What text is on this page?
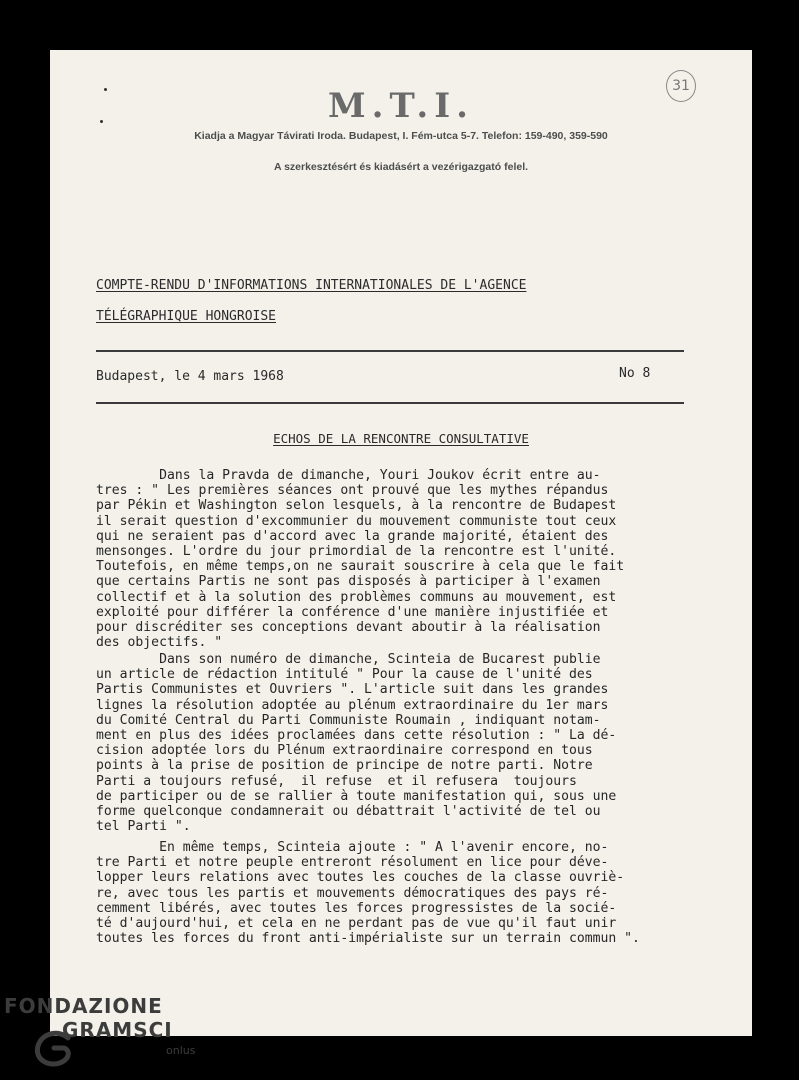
M.T.I.	31
Kiadja a Magyar Távirati Iroda. Budapest, I. Fém-utca 5-7. Telefon: 159-490, 359-590
A szerkesztésért és kiadásért a vezérigazgató felel.
COMPTE-RENDU D'INFORMATIONS INTERNATIONALES DE L'AGENCE
TÉLÉGRAPHIQUE HONGROISE
Budapest, le 4 mars 1968	No 8
ECHOS DE LA RENCONTRE CONSULTATIVE
Dans la Pravda de dimanche, Youri Joukov écrit entre au-
tres : " Les premières séances ont prouvé que les mythes répandus
par Pékin et Washington selon lesquels, à la rencontre de Budapest
il serait question d'excommunier du mouvement communiste tout ceux
qui ne seraient pas d'accord avec la grande majorité, étaient des
mensonges. L'ordre du jour primordial de la rencontre est l'unité.
Toutefois, en même temps,on ne saurait souscrire à cela que le fait
que certains Partis ne sont pas disposés à participer à l'examen
collectif et à la solution des problèmes communs au mouvement, est
exploité pour différer la conférence d'une manière injustifiée et
pour discréditer ses conceptions devant aboutir à la réalisation
des objectifs. "
Dans son numéro de dimanche, Scinteia de Bucarest publie
un article de rédaction intitulé " Pour la cause de l'unité des
Partis Communistes et Ouvriers ". L'article suit dans les grandes
lignes la résolution adoptée au plénum extraordinaire du 1er mars
du Comité Central du Parti Communiste Roumain , indiquant notam-
ment en plus des idées proclamées dans cette résolution : " La dé-
cision adoptée lors du Plénum extraordinaire correspond en tous
points à la prise de position de principe de notre parti. Notre
Parti a toujours refusé,  il refuse  et il refusera  toujours
de participer ou de se rallier à toute manifestation qui, sous une
forme quelconque condamnerait ou débattrait l'activité de tel ou
tel Parti ".
En même temps, Scinteia ajoute : " A l'avenir encore, no-
tre Parti et notre peuple entreront résolument en lice pour déve-
lopper leurs relations avec toutes les couches de la classe ouvriè-
re, avec tous les partis et mouvements démocratiques des pays ré-
cemment libérés, avec toutes les forces progressistes de la socié-
té d'aujourd'hui, et cela en ne perdant pas de vue qu'il faut unir
toutes les forces du front anti-impérialiste sur un terrain commun ".
FONDAZIONE
GRAMSCI
onlus
